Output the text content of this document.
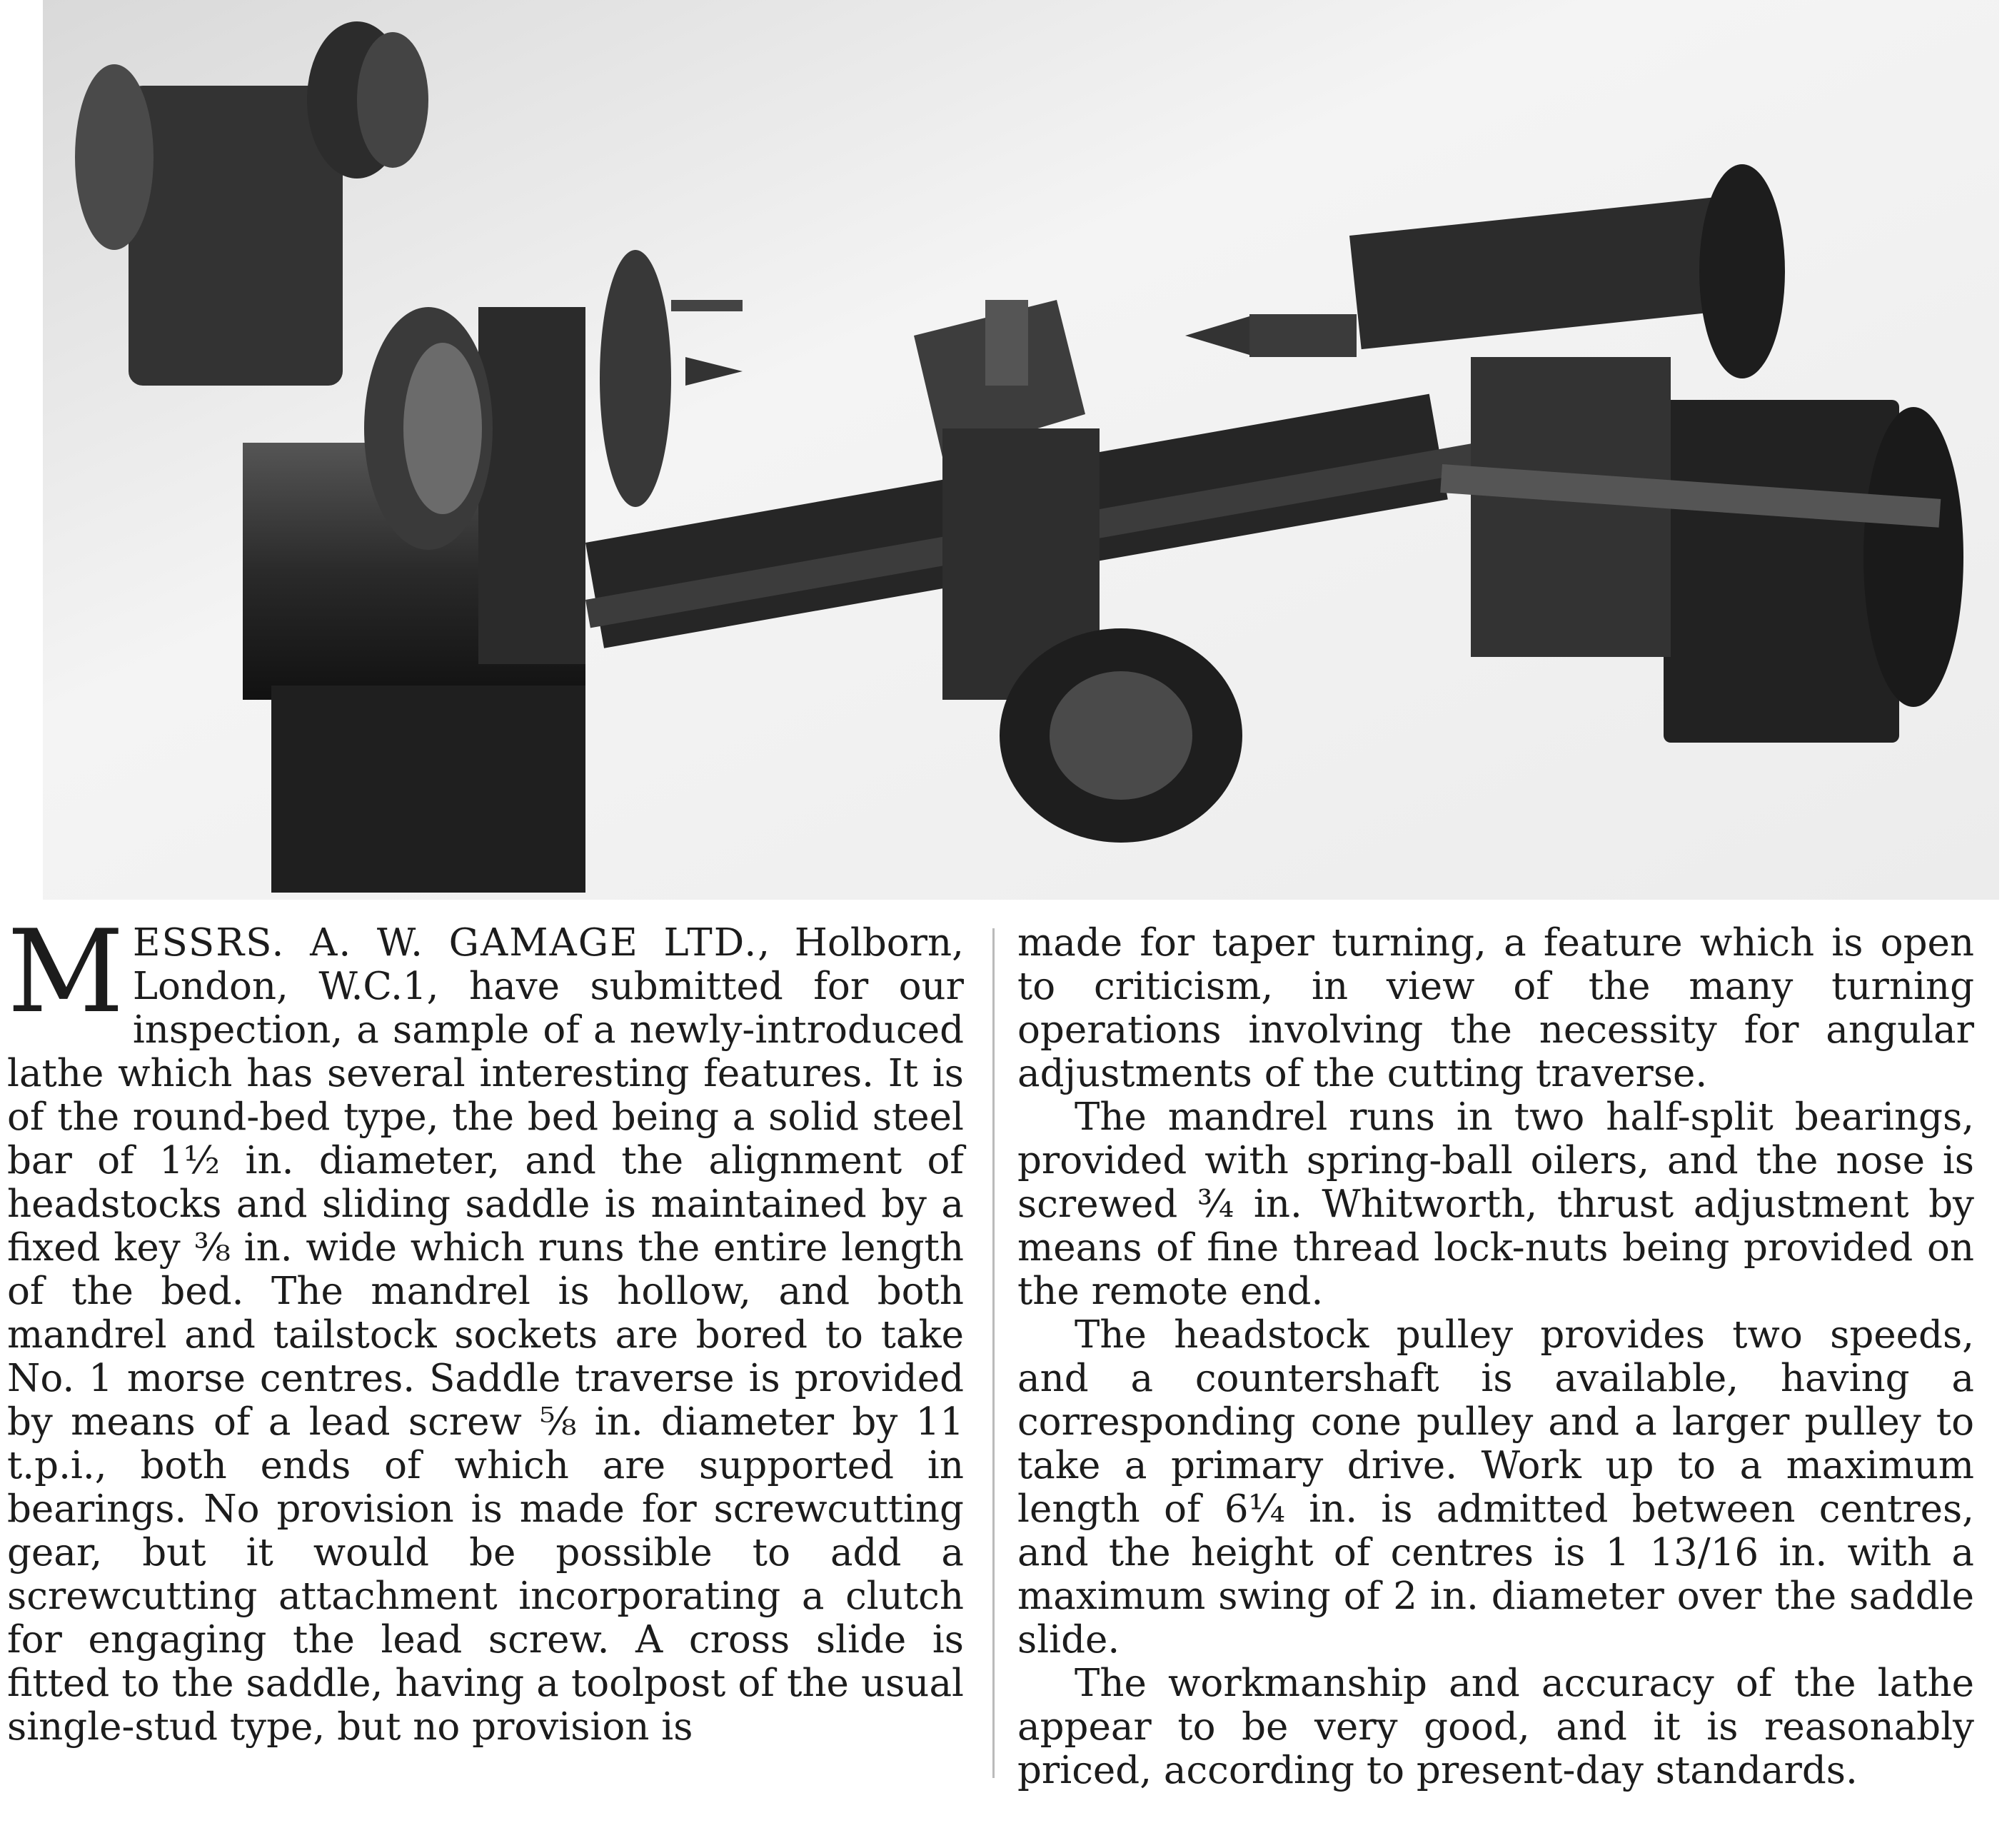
MESSRS. A. W. GAMAGE LTD., Holborn, London, W.C.1, have submitted for our inspection, a sample of a newly-introduced lathe which has several interesting features. It is of the round-bed type, the bed being a solid steel bar of 1½ in. diameter, and the alignment of headstocks and sliding saddle is maintained by a fixed key ⅜ in. wide which runs the entire length of the bed. The mandrel is hollow, and both mandrel and tailstock sockets are bored to take No. 1 morse centres. Saddle traverse is provided by means of a lead screw ⅝ in. diameter by 11 t.p.i., both ends of which are supported in bearings. No provision is made for screwcutting gear, but it would be possible to add a screwcutting attachment incorporating a clutch for engaging the lead screw. A cross slide is fitted to the saddle, having a toolpost of the usual single-stud type, but no provision is

made for taper turning, a feature which is open to criticism, in view of the many turning operations involving the necessity for angular adjustments of the cutting traverse.

The mandrel runs in two half-split bearings, provided with spring-ball oilers, and the nose is screwed ¾ in. Whitworth, thrust adjustment by means of fine thread lock-nuts being provided on the remote end.

The headstock pulley provides two speeds, and a countershaft is available, having a corresponding cone pulley and a larger pulley to take a primary drive. Work up to a maximum length of 6¼ in. is admitted between centres, and the height of centres is 1 13/16 in. with a maximum swing of 2 in. diameter over the saddle slide.

The workmanship and accuracy of the lathe appear to be very good, and it is reasonably priced, according to present-day standards.
